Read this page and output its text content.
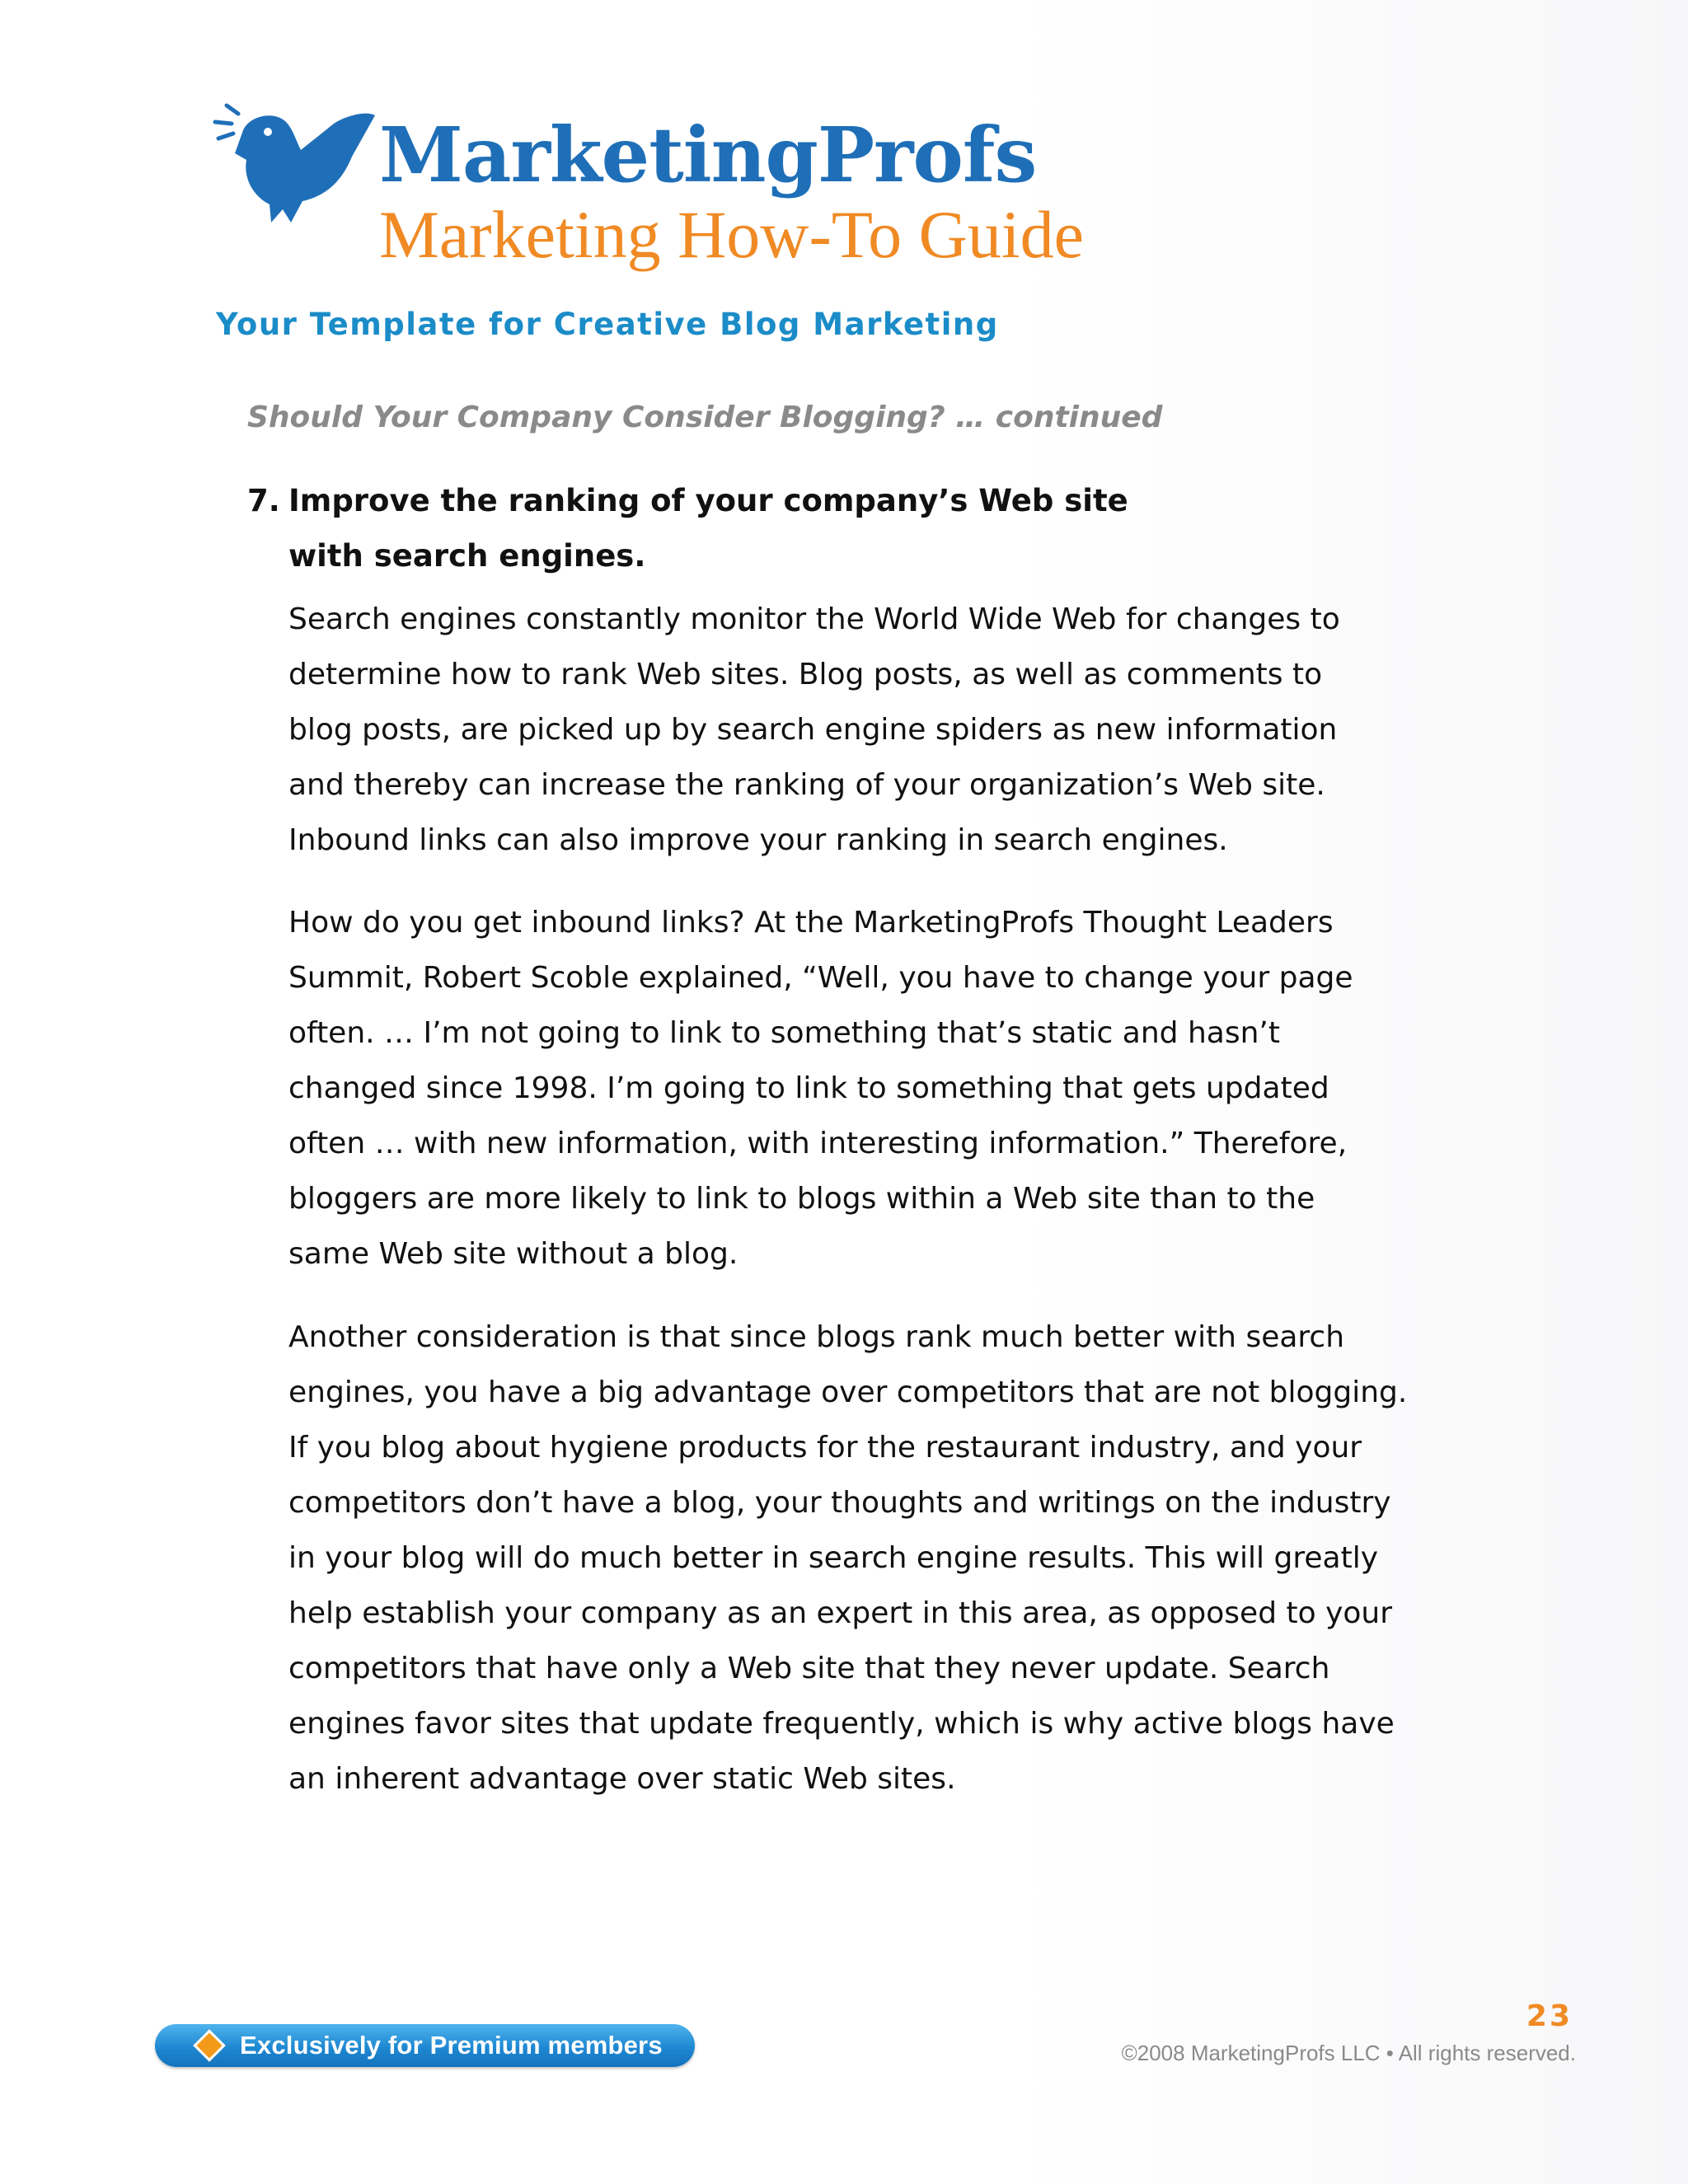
MarketingProfs
Marketing How-To Guide
Your Template for Creative Blog Marketing
Should Your Company Consider Blogging? … continued
7. Improve the ranking of your company’s Web site
with search engines.

Search engines constantly monitor the World Wide Web for changes to
determine how to rank Web sites. Blog posts, as well as comments to
blog posts, are picked up by search engine spiders as new information
and thereby can increase the ranking of your organization’s Web site.
Inbound links can also improve your ranking in search engines.

How do you get inbound links? At the MarketingProfs Thought Leaders
Summit, Robert Scoble explained, “Well, you have to change your page
often. … I’m not going to link to something that’s static and hasn’t
changed since 1998. I’m going to link to something that gets updated
often … with new information, with interesting information.” Therefore,
bloggers are more likely to link to blogs within a Web site than to the
same Web site without a blog.

Another consideration is that since blogs rank much better with search
engines, you have a big advantage over competitors that are not blogging.
If you blog about hygiene products for the restaurant industry, and your
competitors don’t have a blog, your thoughts and writings on the industry
in your blog will do much better in search engine results. This will greatly
help establish your company as an expert in this area, as opposed to your
competitors that have only a Web site that they never update. Search
engines favor sites that update frequently, which is why active blogs have
an inherent advantage over static Web sites.

Exclusively for Premium members
23
©2008 MarketingProfs LLC • All rights reserved.
